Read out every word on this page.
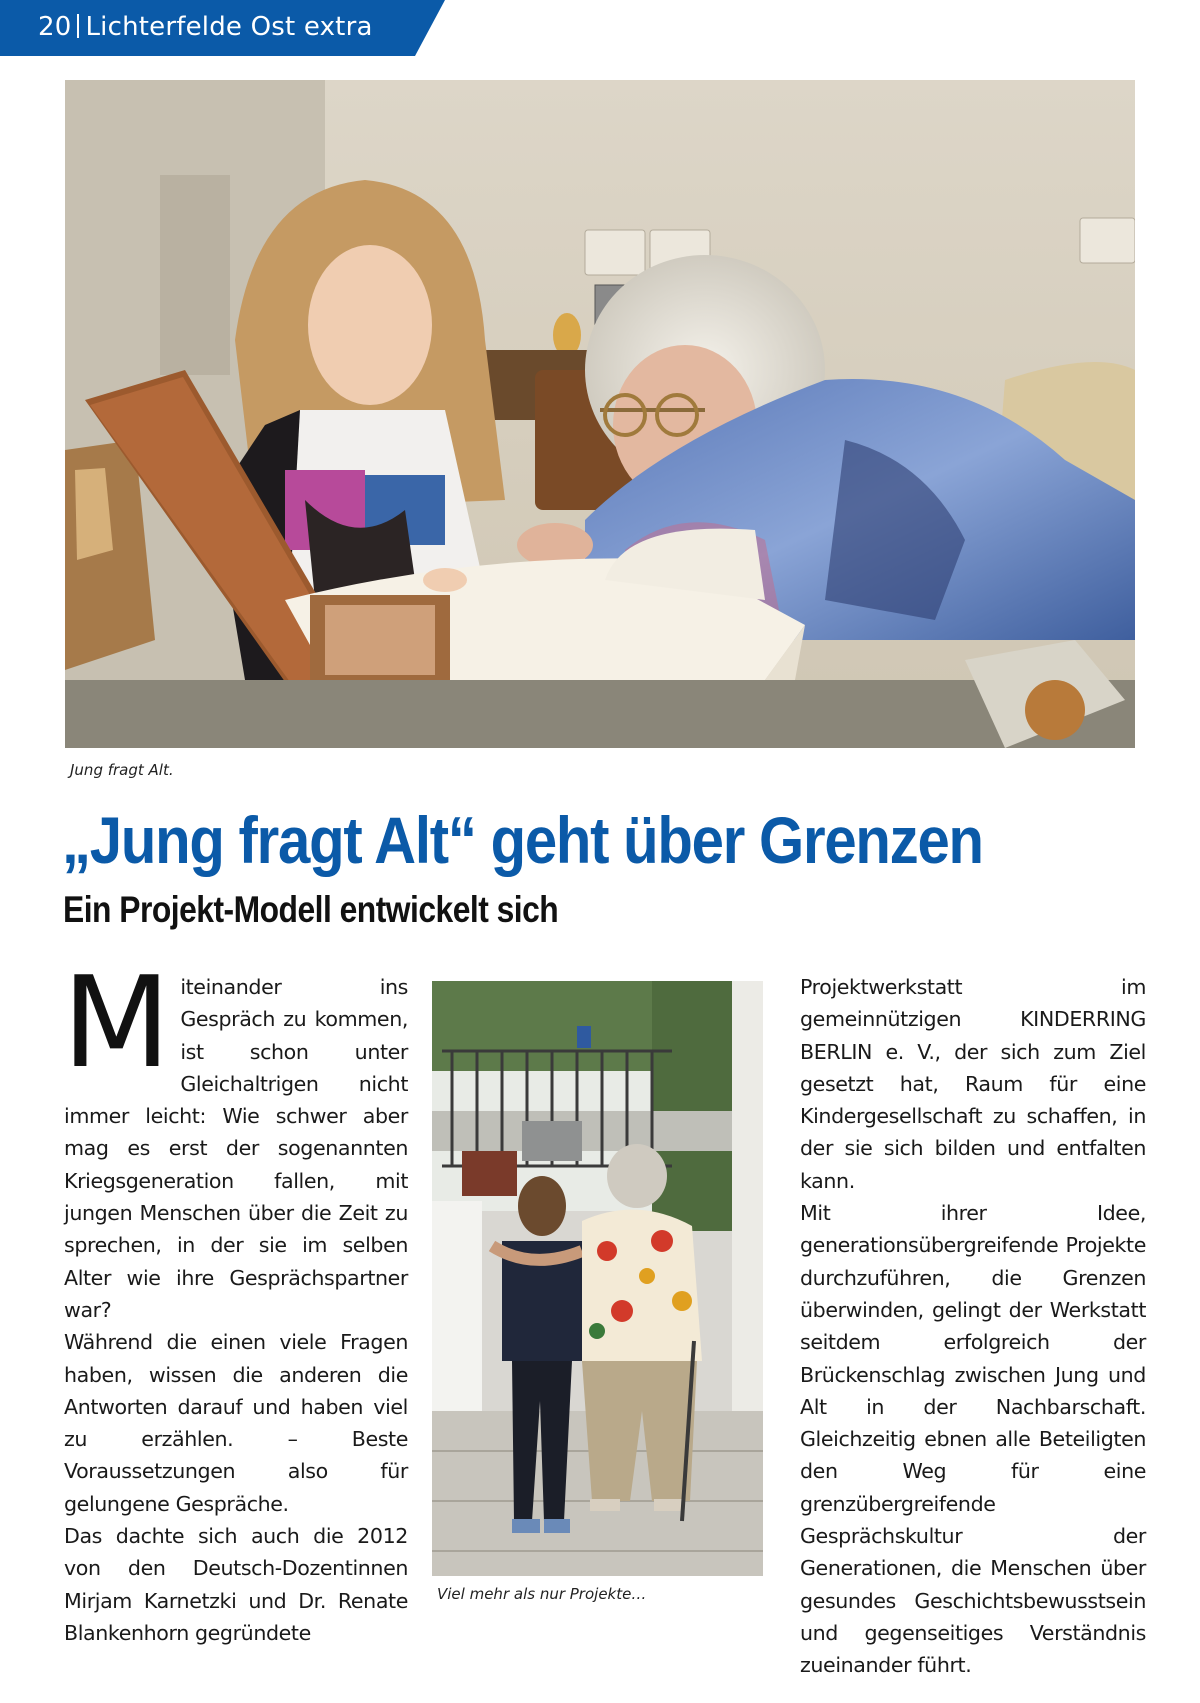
20 Lichterfelde Ost extra
Jung fragt Alt.
„Jung fragt Alt“ geht über Grenzen
Ein Projekt-Modell entwickelt sich
M iteinander ins Gespräch zu kommen, ist schon unter Gleichaltrigen nicht immer leicht: Wie schwer aber mag es erst der sogenannten Kriegsgeneration fallen, mit jungen Menschen über die Zeit zu sprechen, in der sie im selben Alter wie ihre Gesprächspartner war?

Während die einen viele Fragen haben, wissen die anderen die Antworten darauf und haben viel zu erzählen. – Beste Voraussetzungen also für gelungene Gespräche.

Das dachte sich auch die 2012 von den Deutsch-Dozentinnen Mirjam Karnetzki und Dr. Renate Blankenhorn gegründete

Viel mehr als nur Projekte…

Projektwerkstatt im gemeinnützigen KINDERRING BERLIN e. V., der sich zum Ziel gesetzt hat, Raum für eine Kindergesellschaft zu schaffen, in der sie sich bilden und entfalten kann.

Mit ihrer Idee, generationsübergreifende Projekte durchzuführen, die Grenzen überwinden, gelingt der Werkstatt seitdem erfolgreich der Brückenschlag zwischen Jung und Alt in der Nachbarschaft. Gleichzeitig ebnen alle Beteiligten den Weg für eine grenzübergreifende Gesprächskultur der Generationen, die Menschen über gesundes Geschichtsbewusstsein und gegenseitiges Verständnis zueinander führt.
